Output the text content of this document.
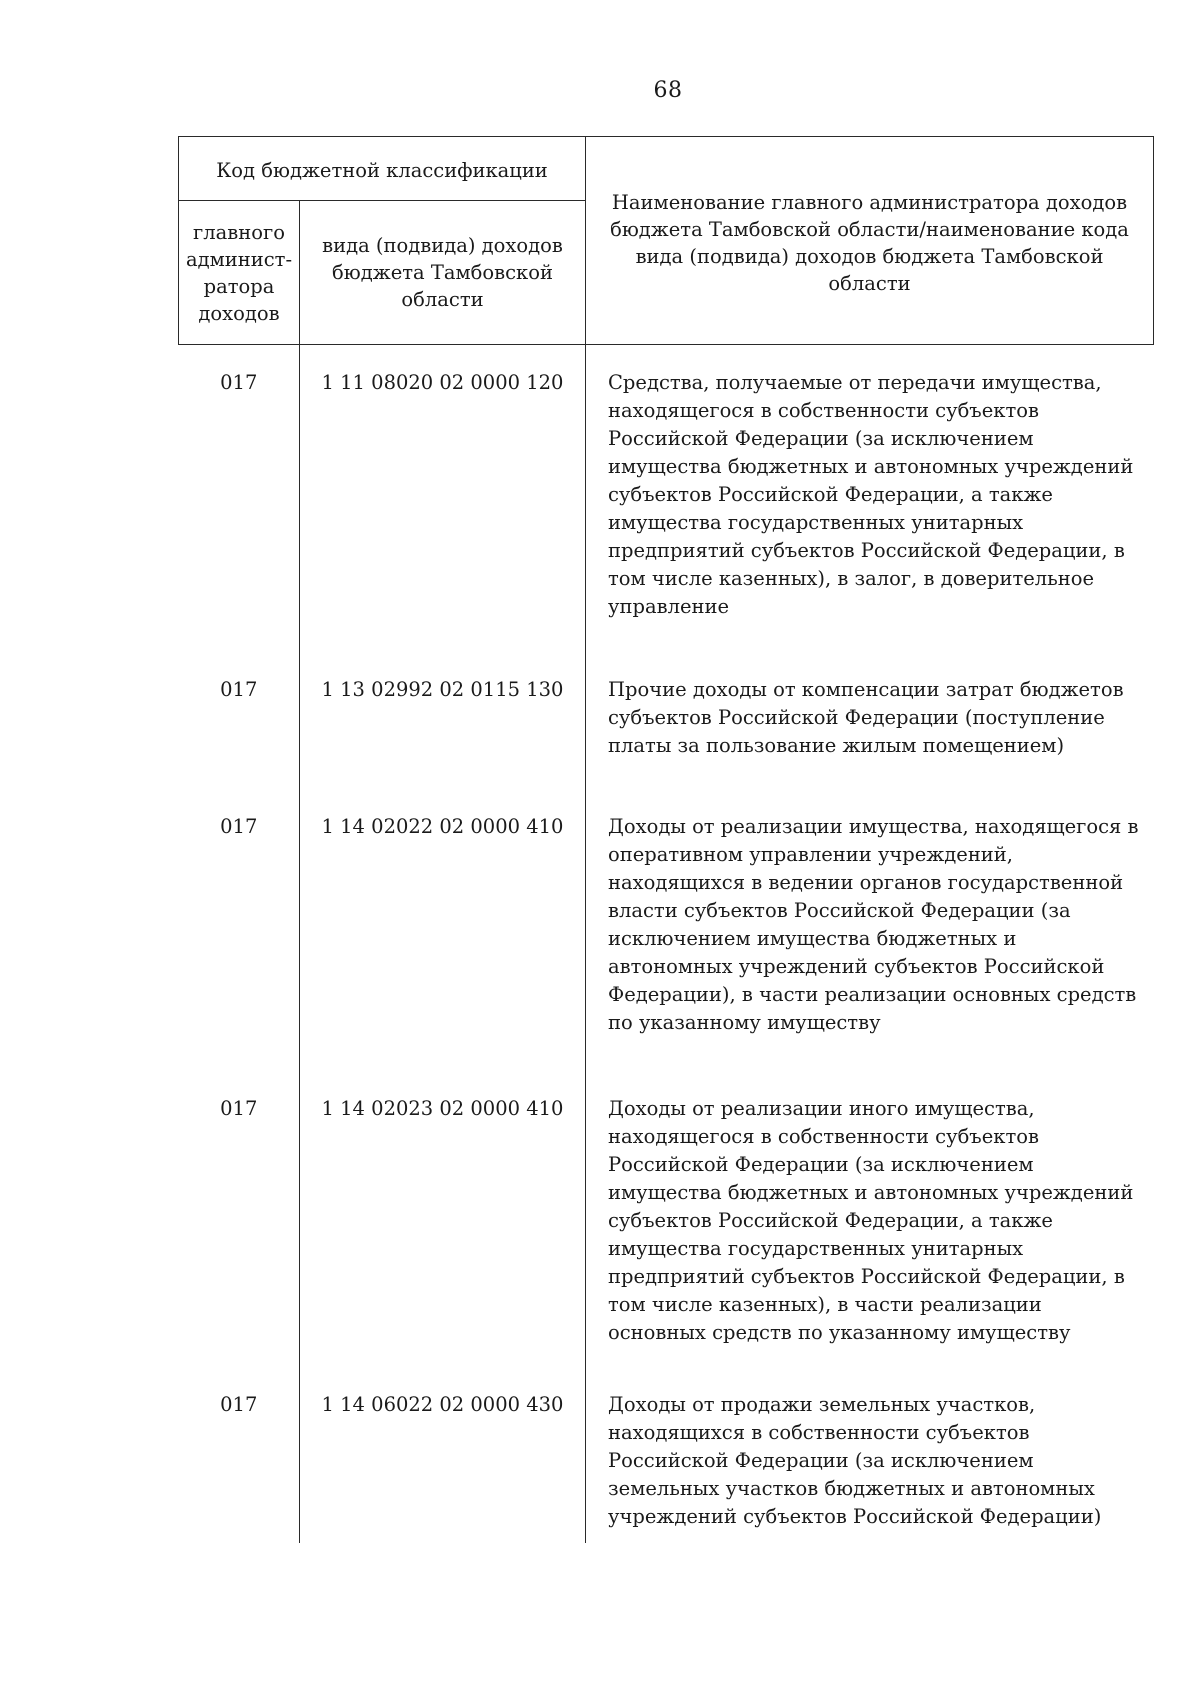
68
Код бюджетной классификации		Наименование главного администратора доходов бюджета Тамбовской области/наименование кода вида (подвида) доходов бюджета Тамбовской области
главного админист-ратора доходов	вида (подвида) доходов бюджета Тамбовской области	
017	1 11 08020 02 0000 120	Средства, получаемые от передачи имущества, находящегося в собственности субъектов Российской Федерации (за исключением имущества бюджетных и автономных учреждений субъектов Российской Федерации, а также имущества государственных унитарных предприятий субъектов Российской Федерации, в том числе казенных), в залог, в доверительное управление
017	1 13 02992 02 0115 130	Прочие доходы от компенсации затрат бюджетов субъектов Российской Федерации (поступление платы за пользование жилым помещением)
017	1 14 02022 02 0000 410	Доходы от реализации имущества, находящегося в оперативном управлении учреждений, находящихся в ведении органов государственной власти субъектов Российской Федерации (за исключением имущества бюджетных и автономных учреждений субъектов Российской Федерации), в части реализации основных средств по указанному имуществу
017	1 14 02023 02 0000 410	Доходы от реализации иного имущества, находящегося в собственности субъектов Российской Федерации (за исключением имущества бюджетных и автономных учреждений субъектов Российской Федерации, а также имущества государственных унитарных предприятий субъектов Российской Федерации, в том числе казенных), в части реализации основных средств по указанному имуществу
017	1 14 06022 02 0000 430	Доходы от продажи земельных участков, находящихся в собственности субъектов Российской Федерации (за исключением земельных участков бюджетных и автономных учреждений субъектов Российской Федерации)
